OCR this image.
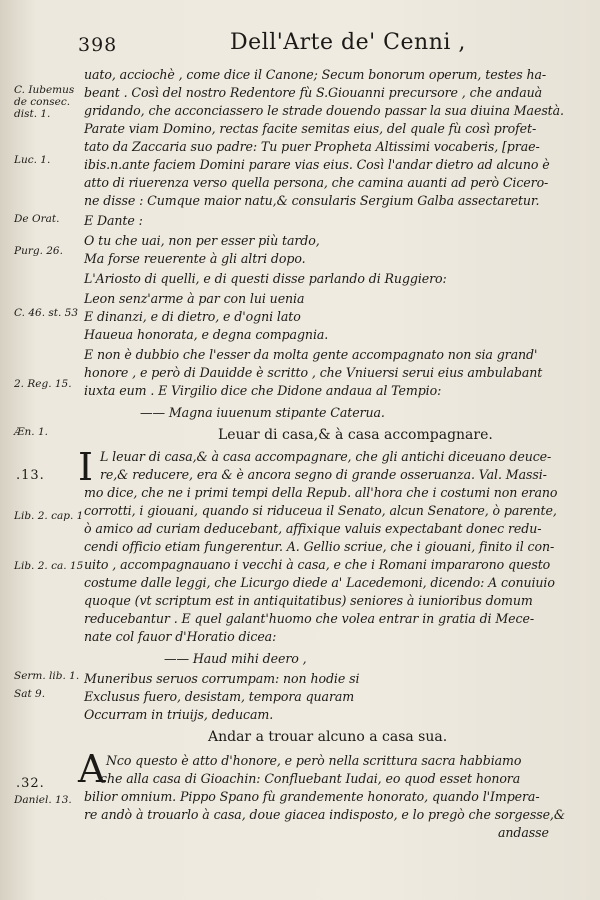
398	Dell'Arte de' Cenni ,
C. Iubemus
de consec.
dist. 1.
Luc. 1.
De Orat.
Purg. 26.
C. 46. st. 53
2. Reg. 15.
Æn. 1.
Lib. 2. cap. 1
Lib. 2. ca. 15
Serm. lib. 1.
Sat 9.
Daniel. 13.
.13.
.32.
uato, acciochè , come dice il Canone; Secum bonorum operum, testes ha-
beant . Così del nostro Redentore fù S.Giouanni precursore , che andauà
gridando, che acconciassero le strade douendo passar la sua diuina Maestà.
Parate viam Domino, rectas facite semitas eius, del quale fù così profet-
tato da Zaccaria suo padre: Tu puer Propheta Altissimi vocaberis, [prae-
ibis.n.ante faciem Domini parare vias eius. Così l'andar dietro ad alcuno è
atto di riuerenza verso quella persona, che camina auanti ad però Cicero-
ne disse : Cumque maior natu,& consularis Sergium Galba assectaretur.
E Dante :
O tu che uai, non per esser più tardo,
Ma forse reuerente à gli altri dopo.
L'Ariosto di quelli, e di questi disse parlando di Ruggiero:
Leon senz'arme à par con lui uenia
E dinanzi, e di dietro, e d'ogni lato
Haueua honorata, e degna compagnia.
E non è dubbio che l'esser da molta gente accompagnato non sia grand'
honore , e però di Dauidde è scritto , che Vniuersi serui eius ambulabant
iuxta eum . E Virgilio dice che Didone andaua al Tempio:
—— Magna iuuenum stipante Caterua.
Leuar di casa,& à casa accompagnare.
I L leuar di casa,& à casa accompagnare, che gli antichi diceuano deuce-
re,& reducere, era & è ancora segno di grande osseruanza. Val. Massi-
mo dice, che ne i primi tempi della Repub. all'hora che i costumi non erano
corrotti, i giouani, quando si riduceua il Senato, alcun Senatore, ò parente,
ò amico ad curiam deducebant, affixique valuis expectabant donec redu-
cendi officio etiam fungerentur. A. Gellio scriue, che i giouani, finito il con-
uito , accompagnauano i vecchi à casa, e che i Romani impararono questo
costume dalle leggi, che Licurgo diede a' Lacedemoni, dicendo: A conuiuio
quoque (vt scriptum est in antiquitatibus) seniores à iunioribus domum
reducebantur . E quel galant'huomo che volea entrar in gratia di Mece-
nate col fauor d'Horatio dicea:
—— Haud mihi deero ,
Muneribus seruos corrumpam: non hodie si
Exclusus fuero, desistam, tempora quaram
Occurram in triuijs, deducam.
Andar a trouar alcuno a casa sua.
A Nco questo è atto d'honore, e però nella scrittura sacra habbiamo
che alla casa di Gioachin: Confluebant Iudai, eo quod esset honora
bilior omnium. Pippo Spano fù grandemente honorato, quando l'Impera-
re andò à trouarlo à casa, doue giacea indisposto, e lo pregò che sorgesse,&
andasse
